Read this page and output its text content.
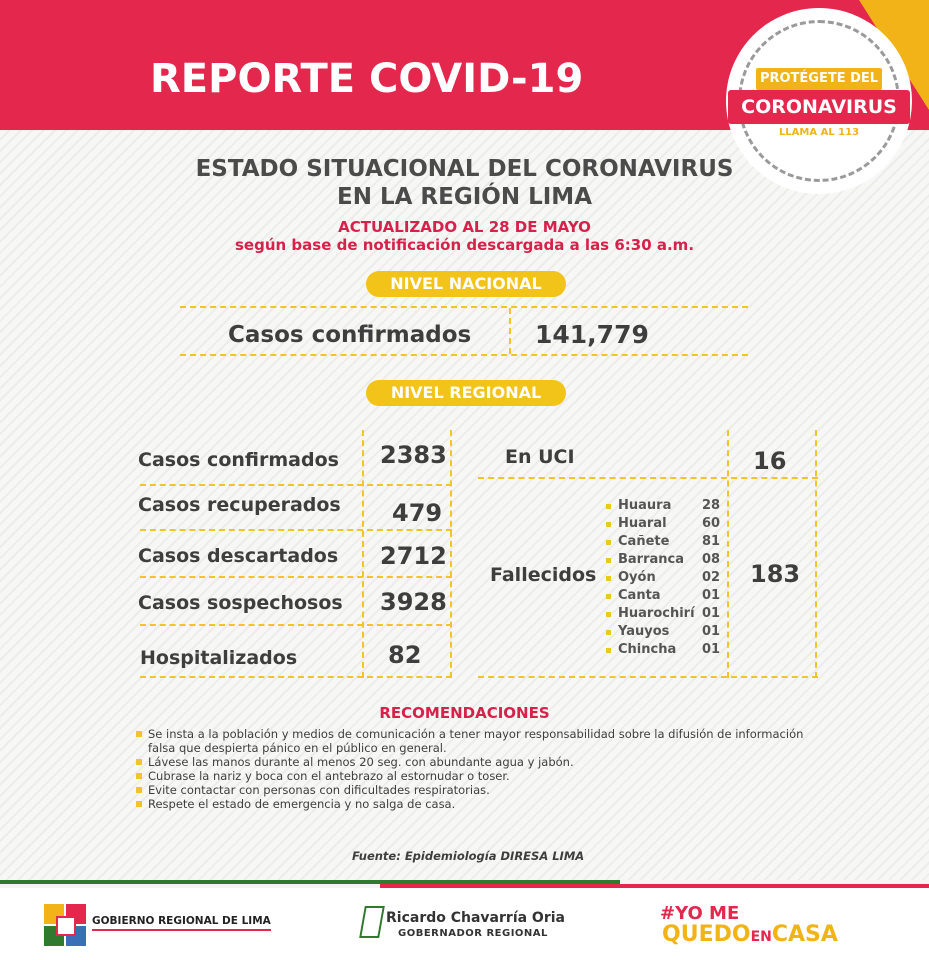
REPORTE COVID-19	PROTÉGETE DEL
CORONAVIRUS
LLAMA AL 113
ESTADO SITUACIONAL DEL CORONAVIRUS
EN LA REGIÓN LIMA
ACTUALIZADO AL 28 DE MAYO
según base de notificación descargada a las 6:30 a.m.
NIVEL NACIONAL
Casos confirmados	141,779
NIVEL REGIONAL
Casos confirmados 2383
Casos recuperados 479
Casos descartados 2712
Casos sospechosos 3928
Hospitalizados	82
En UCI	16
Fallecidos	183
Huaura 28
Huaral	60
Cañete	81
Barranca 08
Oyón	02
Canta	01
Huarochirí 01
Yauyos	01
Chincha 01
RECOMENDACIONES
Se insta a la población y medios de comunicación a tener mayor responsabilidad sobre la difusión de información falsa que despierta pánico en el público en general.
Lávese las manos durante al menos 20 seg. con abundante agua y jabón.
Cubrase la nariz y boca con el antebrazo al estornudar o toser.
Evite contactar con personas con dificultades respiratorias.
Respete el estado de emergencia y no salga de casa.
Fuente: Epidemiología DIRESA LIMA
GOBIERNO REGIONAL DE LIMA	Ricardo Chavarría Oria
GOBERNADOR REGIONAL
#YO ME
QUEDOENCASA
